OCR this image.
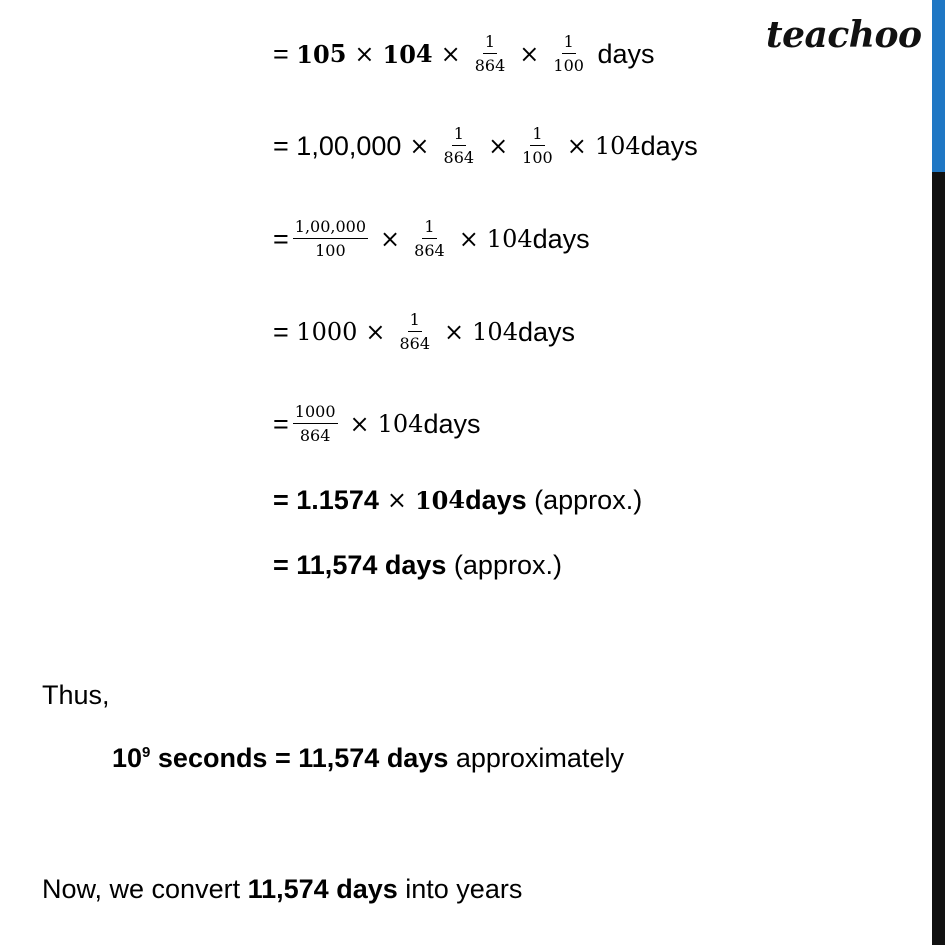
teachoo
=
10 5 × 10 $4 \times \frac{1}{864} \times \frac{1}{100}$
days
=
$1,00,000 \times \frac{1}{864} \times \frac{1}{100} \times 10$ 4 days
= $\frac{1,00,000}{100} \times \frac{1}{864} \times 10$ 4 days
=
$1000 \times \frac{1}{864} \times 10$ 4 days
= $\frac{1000}{864} \times 10$ 4 days
= 1.1574 × 10 4 days
(approx.)
= 11,574 days
(approx.)
Thus,
$10^9$ seconds = 11,574 days approximately
Now, we convert 11,574 days into years
